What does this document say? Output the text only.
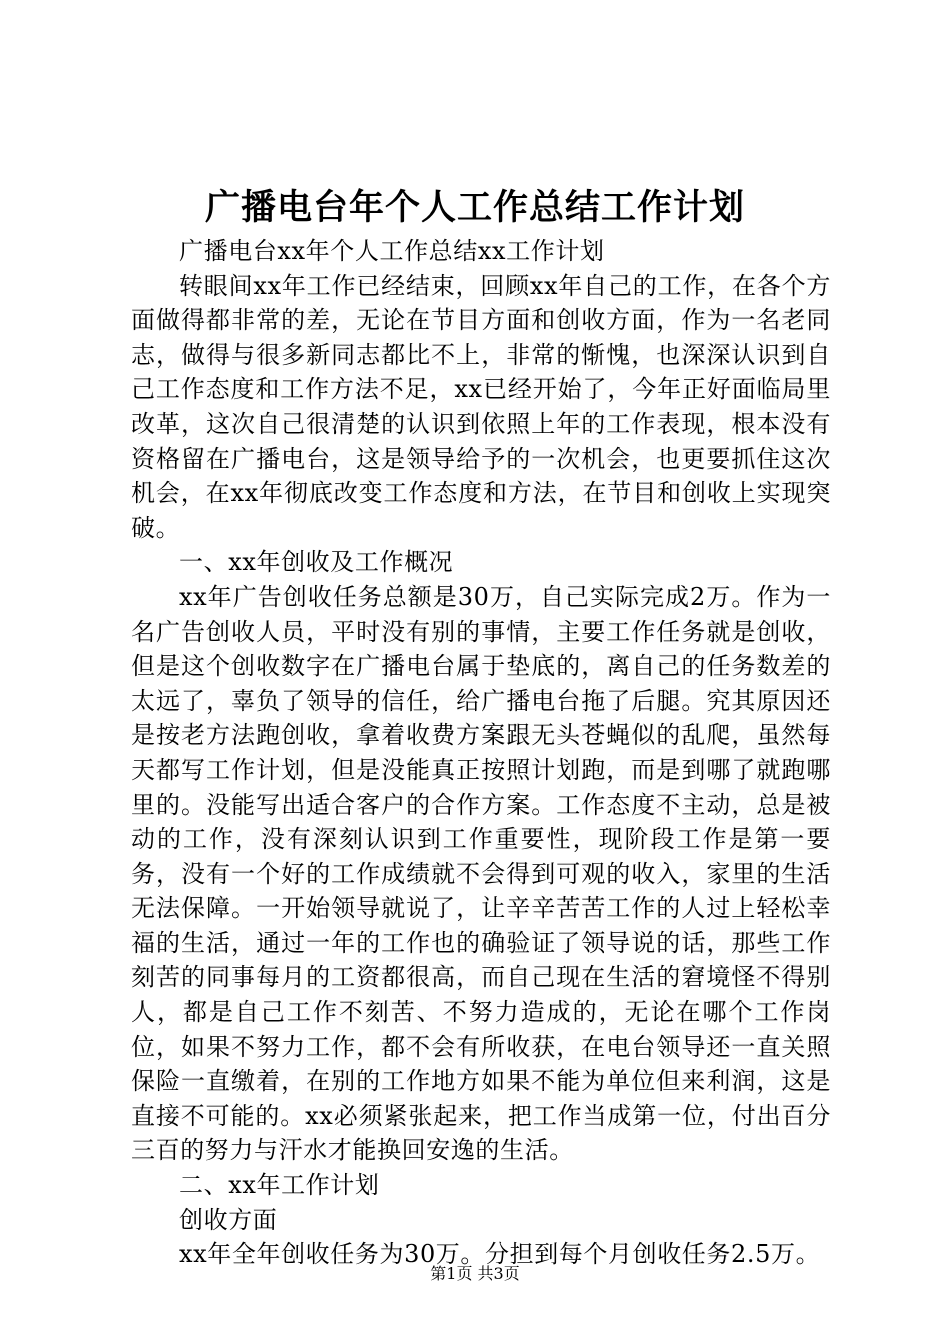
广播电台年个人工作总结工作计划

广播电台xx年个人工作总结xx工作计划

转眼间xx年工作已经结束，回顾xx年自己的工作，在各个方面做得都非常的差，无论在节目方面和创收方面，作为一名老同志，做得与很多新同志都比不上，非常的惭愧，也深深认识到自己工作态度和工作方法不足，xx已经开始了，今年正好面临局里改革，这次自己很清楚的认识到依照上年的工作表现，根本没有资格留在广播电台，这是领导给予的一次机会，也更要抓住这次机会，在xx年彻底改变工作态度和方法，在节目和创收上实现突破。

一、xx年创收及工作概况

xx年广告创收任务总额是30万，自己实际完成2万。作为一名广告创收人员，平时没有别的事情，主要工作任务就是创收，但是这个创收数字在广播电台属于垫底的，离自己的任务数差的太远了，辜负了领导的信任，给广播电台拖了后腿。究其原因还是按老方法跑创收，拿着收费方案跟无头苍蝇似的乱爬，虽然每天都写工作计划，但是没能真正按照计划跑，而是到哪了就跑哪里的。没能写出适合客户的合作方案。工作态度不主动，总是被动的工作，没有深刻认识到工作重要性，现阶段工作是第一要务，没有一个好的工作成绩就不会得到可观的收入，家里的生活无法保障。一开始领导就说了，让辛辛苦苦工作的人过上轻松幸福的生活，通过一年的工作也的确验证了领导说的话，那些工作刻苦的同事每月的工资都很高，而自己现在生活的窘境怪不得别人，都是自己工作不刻苦、不努力造成的，无论在哪个工作岗位，如果不努力工作，都不会有所收获，在电台领导还一直关照保险一直缴着，在别的工作地方如果不能为单位但来利润，这是直接不可能的。xx必须紧张起来，把工作当成第一位，付出百分三百的努力与汗水才能换回安逸的生活。

二、xx年工作计划

创收方面

xx年全年创收任务为30万。分担到每个月创收任务2.5万。

第1页 共3页
